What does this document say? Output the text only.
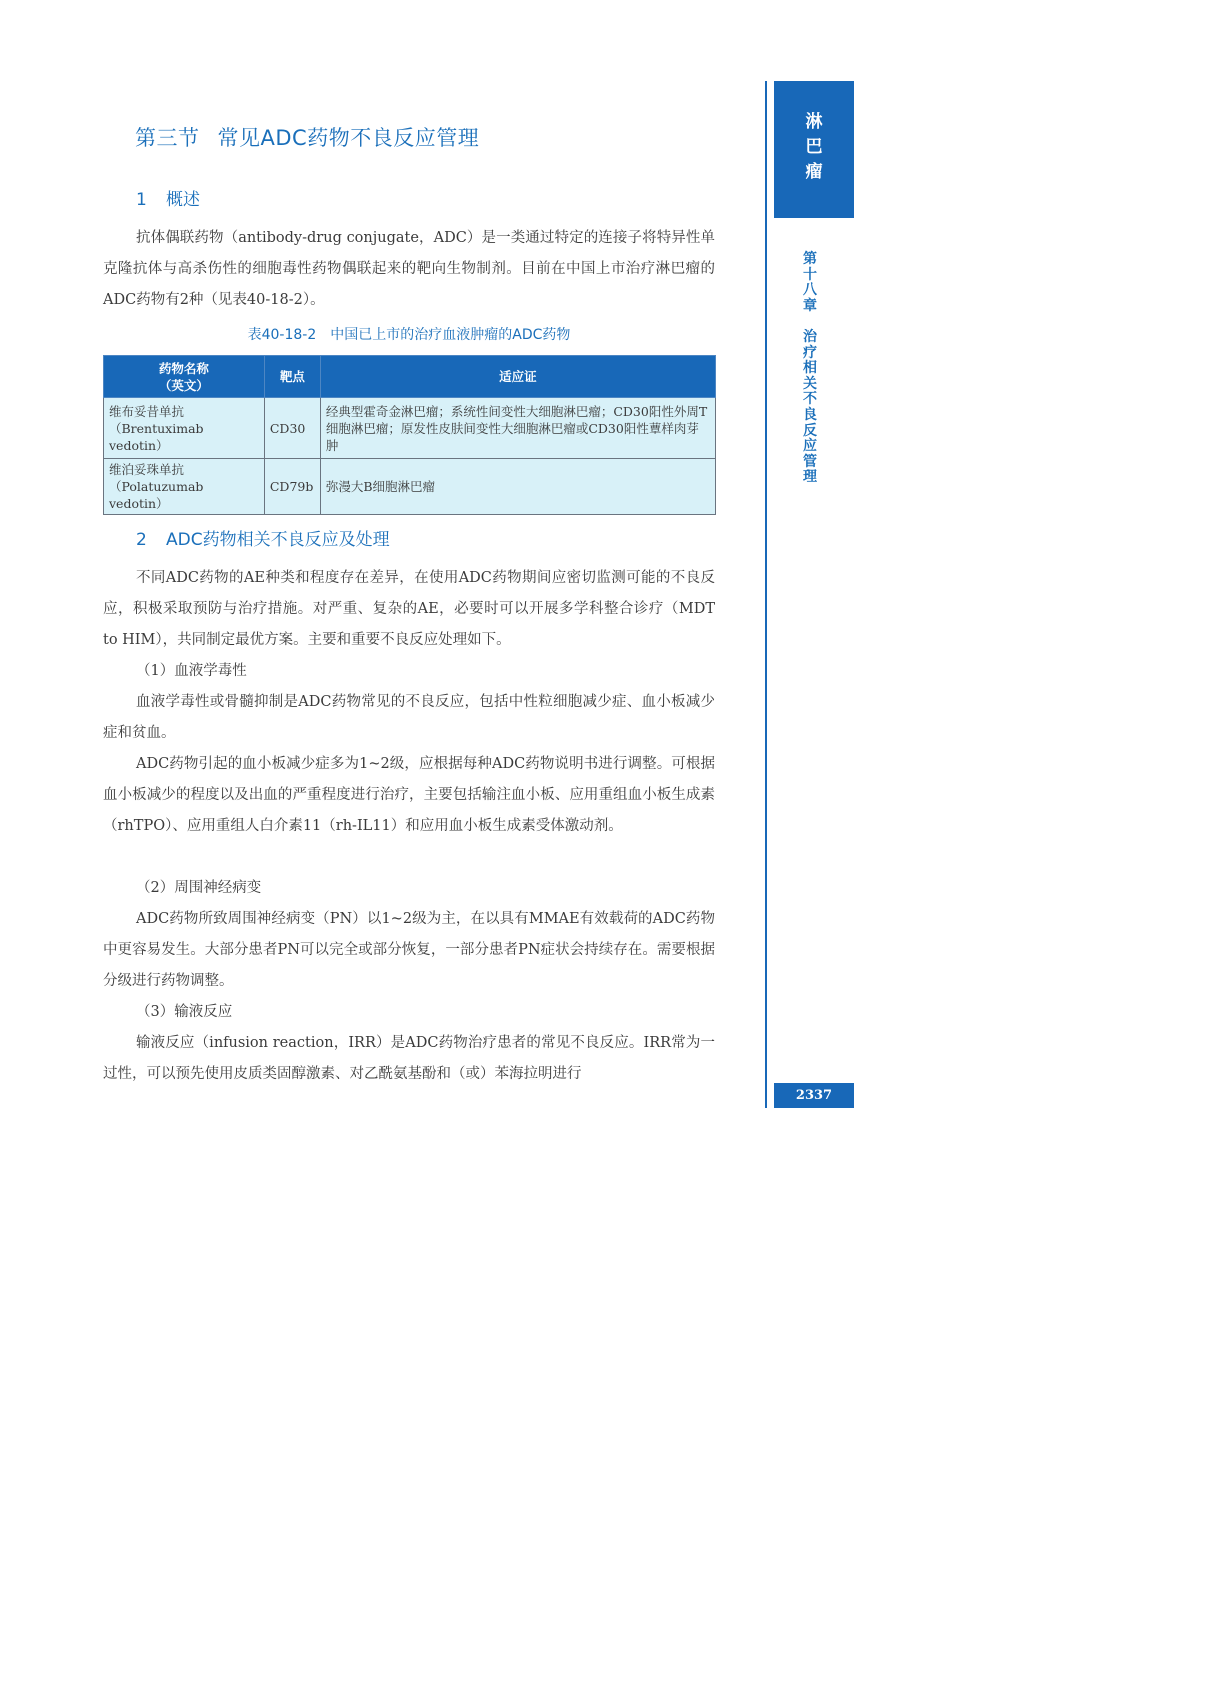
第三节 常见ADC药物不良反应管理
1 概述

抗体偶联药物（antibody-drug conjugate，ADC）是一类通过特定的连接子将特异性单克隆抗体与高杀伤性的细胞毒性药物偶联起来的靶向生物制剂。目前在中国上市治疗淋巴瘤的ADC药物有2种（见表40-18-2）。

表40-18-2　中国已上市的治疗血液肿瘤的ADC药物
药物名称
（英文）	靶点	适应证
维布妥昔单抗
（Brentuximab vedotin）	CD30	经典型霍奇金淋巴瘤；系统性间变性大细胞淋巴瘤；CD30阳性外周T细胞淋巴瘤；原发性皮肤间变性大细胞淋巴瘤或CD30阳性蕈样肉芽肿
维泊妥珠单抗
（Polatuzumab vedotin）	CD79b	弥漫大B细胞淋巴瘤
2 ADC药物相关不良反应及处理

不同ADC药物的AE种类和程度存在差异，在使用ADC药物期间应密切监测可能的不良反应，积极采取预防与治疗措施。对严重、复杂的AE，必要时可以开展多学科整合诊疗（MDT to HIM），共同制定最优方案。主要和重要不良反应处理如下。

（1）血液学毒性

血液学毒性或骨髓抑制是ADC药物常见的不良反应，包括中性粒细胞减少症、血小板减少症和贫血。

ADC药物引起的血小板减少症多为1~2级，应根据每种ADC药物说明书进行调整。可根据血小板减少的程度以及出血的严重程度进行治疗，主要包括输注血小板、应用重组血小板生成素（rhTPO）、应用重组人白介素11（rh-IL11）和应用血小板生成素受体激动剂。

（2）周围神经病变

ADC药物所致周围神经病变（PN）以1~2级为主，在以具有MMAE有效载荷的ADC药物中更容易发生。大部分患者PN可以完全或部分恢复，一部分患者PN症状会持续存在。需要根据分级进行药物调整。

（3）输液反应

输液反应（infusion reaction，IRR）是ADC药物治疗患者的常见不良反应。IRR常为一过性，可以预先使用皮质类固醇激素、对乙酰氨基酚和（或）苯海拉明进行

淋
巴
瘤
第
十
八
章

治
疗
相
关
不
良
反
应
管
理
2337
